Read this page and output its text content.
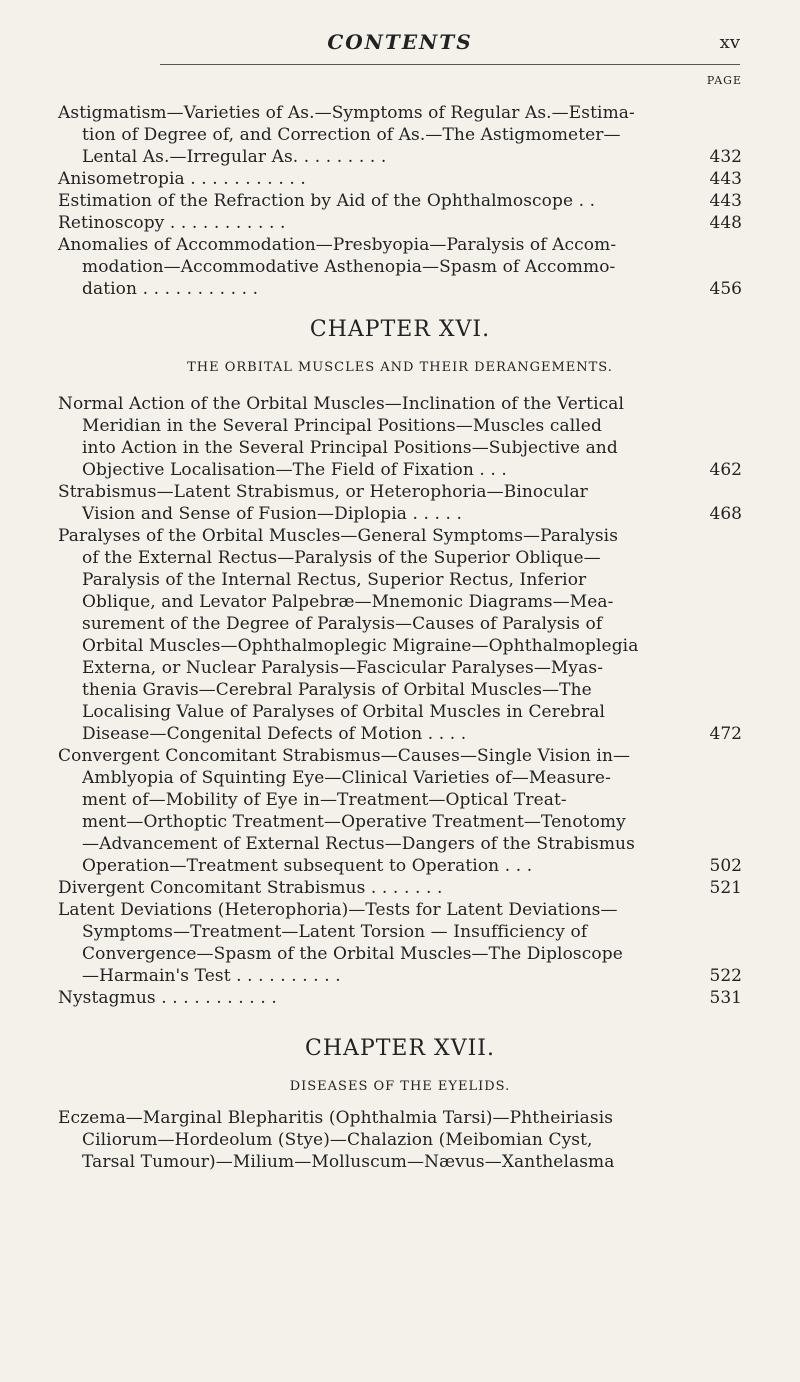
CONTENTS	xv
PAGE
Astigmatism—Varieties of As.—Symptoms of Regular As.—Estima-
tion of Degree of, and Correction of As.—The Astigmometer—
Lental As.—Irregular As. . . . . . . . .	432
Anisometropia . . . . . . . . . . .	443
Estimation of the Refraction by Aid of the Ophthalmoscope . .	443
Retinoscopy . . . . . . . . . . .	448
Anomalies of Accommodation—Presbyopia—Paralysis of Accom-
modation—Accommodative Asthenopia—Spasm of Accommo-
dation . . . . . . . . . . .	456

CHAPTER XVI.

THE ORBITAL MUSCLES AND THEIR DERANGEMENTS.

Normal Action of the Orbital Muscles—Inclination of the Vertical
Meridian in the Several Principal Positions—Muscles called
into Action in the Several Principal Positions—Subjective and
Objective Localisation—The Field of Fixation . . .	462
Strabismus—Latent Strabismus, or Heterophoria—Binocular
Vision and Sense of Fusion—Diplopia . . . . .	468
Paralyses of the Orbital Muscles—General Symptoms—Paralysis
of the External Rectus—Paralysis of the Superior Oblique—
Paralysis of the Internal Rectus, Superior Rectus, Inferior
Oblique, and Levator Palpebræ—Mnemonic Diagrams—Mea-
surement of the Degree of Paralysis—Causes of Paralysis of
Orbital Muscles—Ophthalmoplegic Migraine—Ophthalmoplegia
Externa, or Nuclear Paralysis—Fascicular Paralyses—Myas-
thenia Gravis—Cerebral Paralysis of Orbital Muscles—The
Localising Value of Paralyses of Orbital Muscles in Cerebral
Disease—Congenital Defects of Motion . . . .	472
Convergent Concomitant Strabismus—Causes—Single Vision in—
Amblyopia of Squinting Eye—Clinical Varieties of—Measure-
ment of—Mobility of Eye in—Treatment—Optical Treat-
ment—Orthoptic Treatment—Operative Treatment—Tenotomy
—Advancement of External Rectus—Dangers of the Strabismus
Operation—Treatment subsequent to Operation . . .	502
Divergent Concomitant Strabismus . . . . . . .	521
Latent Deviations (Heterophoria)—Tests for Latent Deviations—
Symptoms—Treatment—Latent Torsion — Insufficiency of
Convergence—Spasm of the Orbital Muscles—The Diploscope
—Harmain's Test . . . . . . . . . .	522
Nystagmus . . . . . . . . . . .	531

CHAPTER XVII.

DISEASES OF THE EYELIDS.

Eczema—Marginal Blepharitis (Ophthalmia Tarsi)—Phtheiriasis
Ciliorum—Hordeolum (Stye)—Chalazion (Meibomian Cyst,
Tarsal Tumour)—Milium—Molluscum—Nævus—Xanthelasma
